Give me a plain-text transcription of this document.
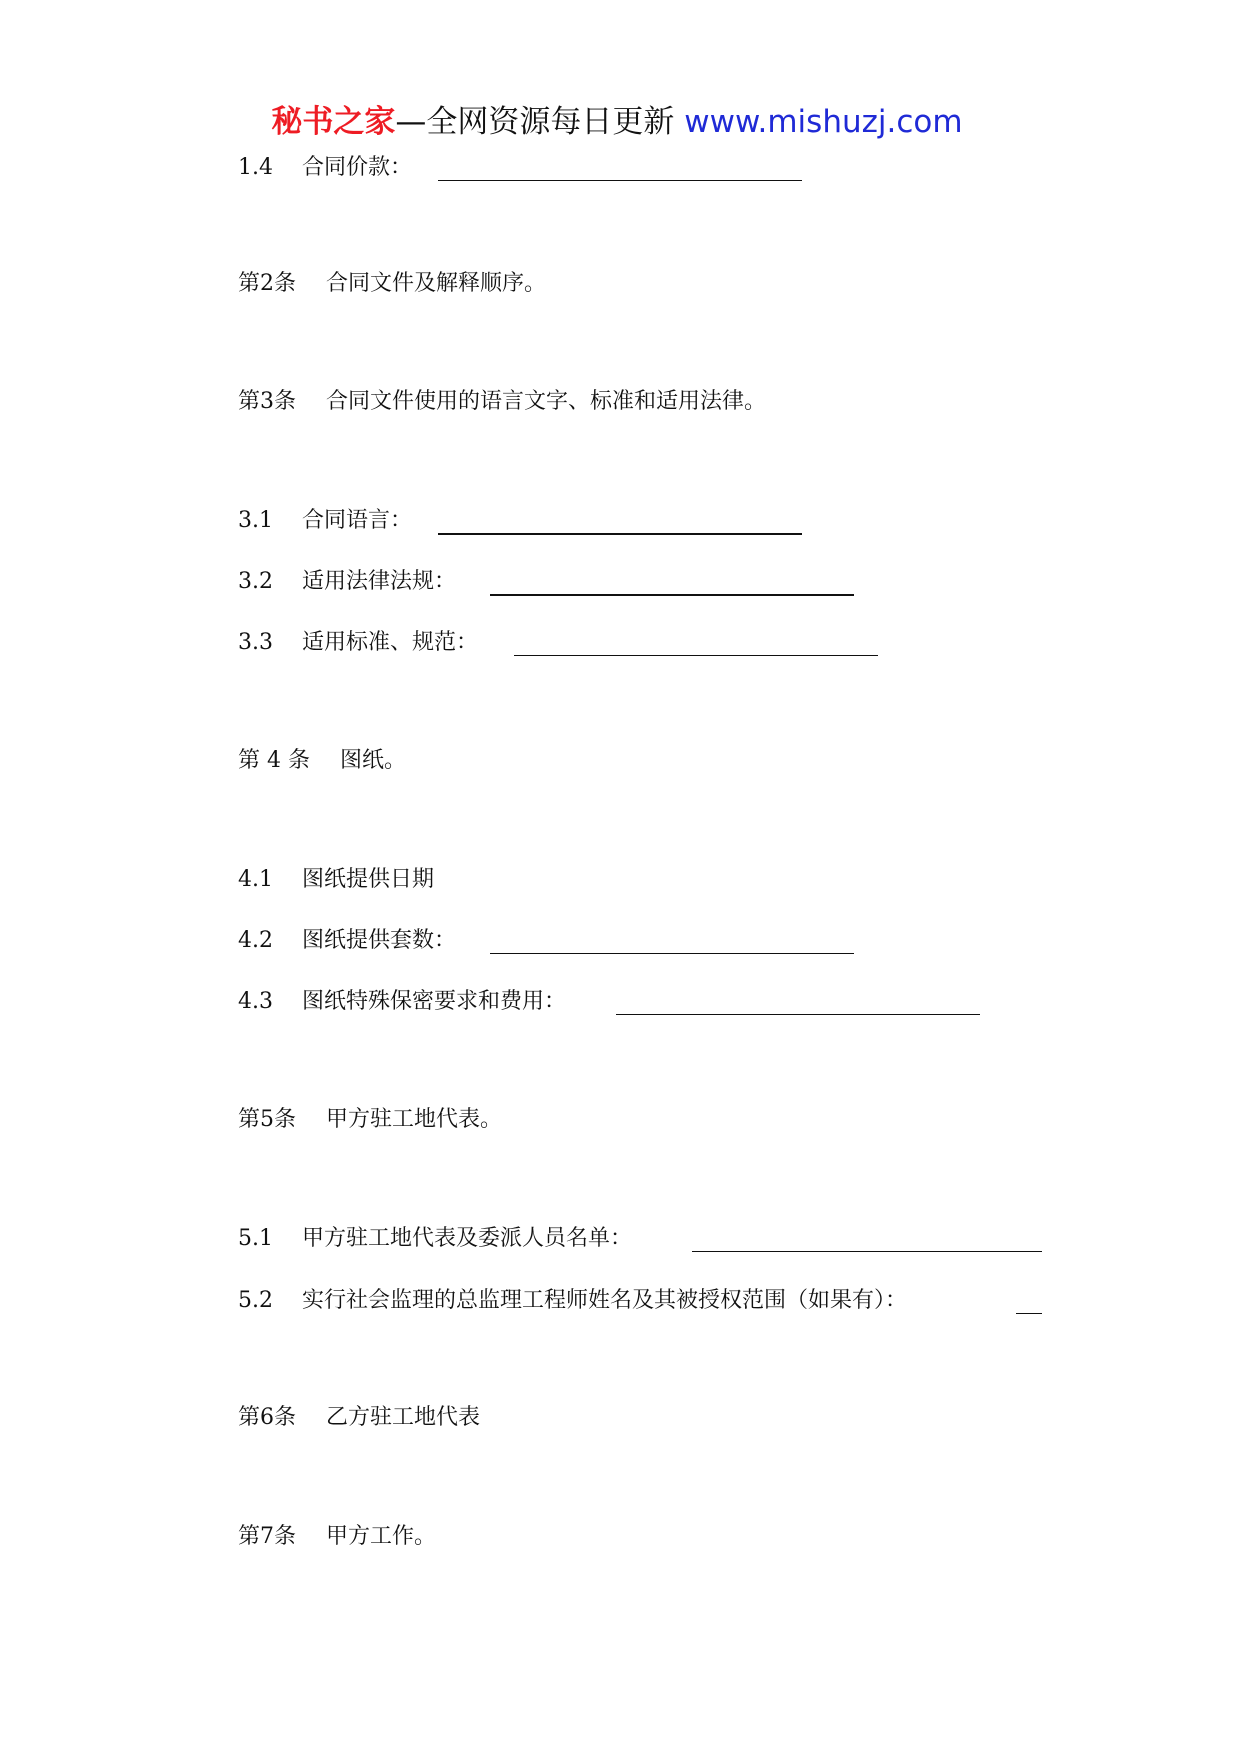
秘书之家—全网资源每日更新 www.mishuzj.com
1.4 合同价款：
第2条 合同文件及解释顺序。
第3条 合同文件使用的语言文字、标准和适用法律。
3.1 合同语言：
3.2 适用法律法规：
3.3 适用标准、规范：
第 4 条 图纸。
4.1 图纸提供日期
4.2 图纸提供套数：
4.3 图纸特殊保密要求和费用：
第5条 甲方驻工地代表。
5.1 甲方驻工地代表及委派人员名单：
5.2 实行社会监理的总监理工程师姓名及其被授权范围（如果有）：
第6条 乙方驻工地代表
第7条 甲方工作。
